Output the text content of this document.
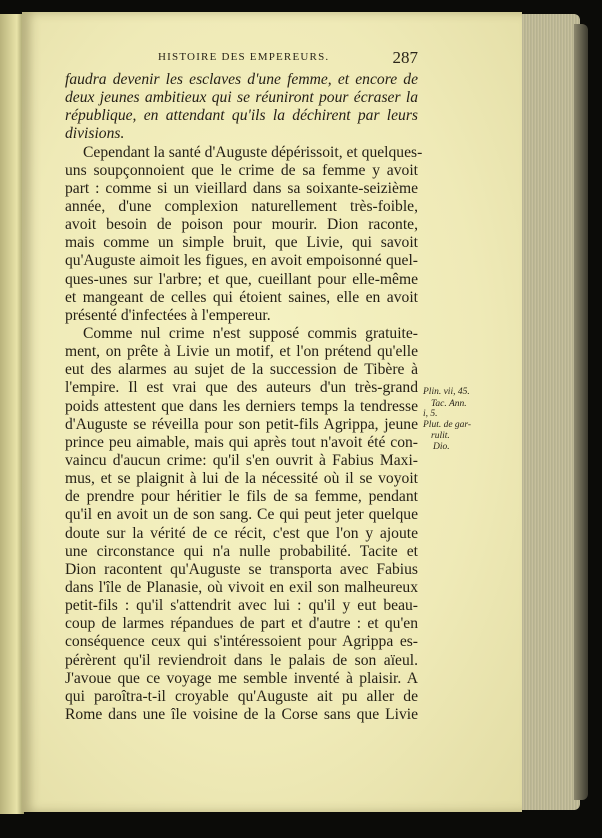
HISTOIRE DES EMPEREURS.	287
faudra devenir les esclaves d'une femme, et encore de
deux jeunes ambitieux qui se réuniront pour écraser la
république, en attendant qu'ils la déchirent par leurs
divisions.
Cependant la santé d'Auguste dépérissoit, et quelques-
uns soupçonnoient que le crime de sa femme y avoit
part : comme si un vieillard dans sa soixante-seizième
année, d'une complexion naturellement très-foible,
avoit besoin de poison pour mourir. Dion raconte,
mais comme un simple bruit, que Livie, qui savoit
qu'Auguste aimoit les figues, en avoit empoisonné quel-
ques-unes sur l'arbre; et que, cueillant pour elle-même
et mangeant de celles qui étoient saines, elle en avoit
présenté d'infectées à l'empereur.
Comme nul crime n'est supposé commis gratuite-
ment, on prête à Livie un motif, et l'on prétend qu'elle
eut des alarmes au sujet de la succession de Tibère à
l'empire. Il est vrai que des auteurs d'un très-grand
poids attestent que dans les derniers temps la tendresse
d'Auguste se réveilla pour son petit-fils Agrippa, jeune
prince peu aimable, mais qui après tout n'avoit été con-
vaincu d'aucun crime: qu'il s'en ouvrit à Fabius Maxi-
mus, et se plaignit à lui de la nécessité où il se voyoit
de prendre pour héritier le fils de sa femme, pendant
qu'il en avoit un de son sang. Ce qui peut jeter quelque
doute sur la vérité de ce récit, c'est que l'on y ajoute
une circonstance qui n'a nulle probabilité. Tacite et
Dion racontent qu'Auguste se transporta avec Fabius
dans l'île de Planasie, où vivoit en exil son malheureux
petit-fils : qu'il s'attendrit avec lui : qu'il y eut beau-
coup de larmes répandues de part et d'autre : et qu'en
conséquence ceux qui s'intéressoient pour Agrippa es-
pérèrent qu'il reviendroit dans le palais de son aïeul.
J'avoue que ce voyage me semble inventé à plaisir. A
qui paroîtra-t-il croyable qu'Auguste ait pu aller de
Rome dans une île voisine de la Corse sans que Livie
Plin. vii, 45.
Tac. Ann.
i, 5.
Plut. de gar-
rulit.
Dio.
